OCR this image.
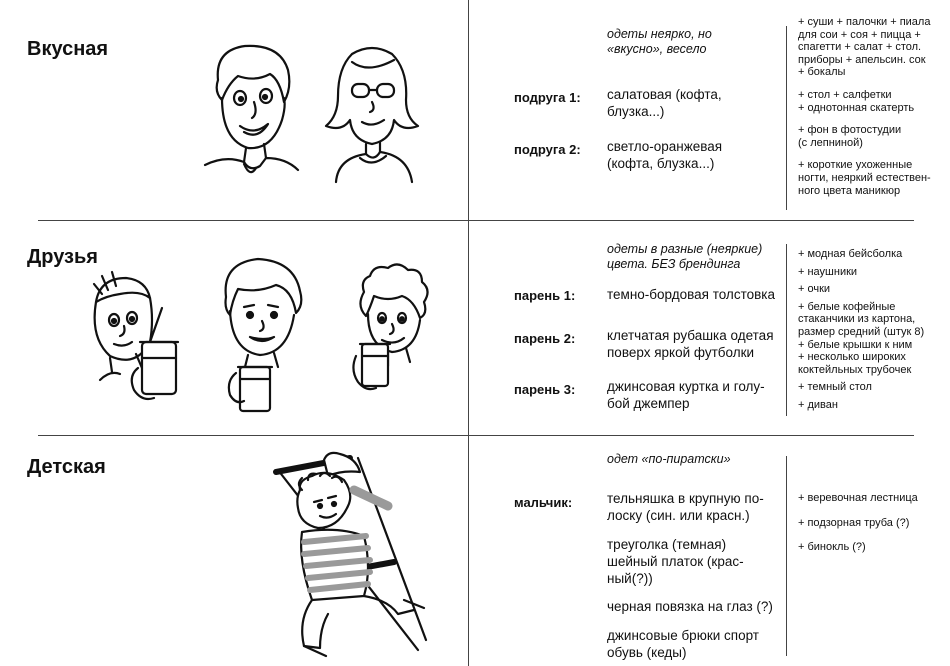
Вкусная
Друзья
Детская
одеты неярко, но «вкусно», весело
подруга 1: салатовая (кофта, блузка...)
подруга 2: светло-оранжевая (кофта, блузка...)
+ суши + палочки + пиала
для сои + соя + пицца +
спагетти + салат + стол.
приборы + апельсин. сок
+ бокалы
+ стол + салфетки
+ однотонная скатерть
+ фон в фотостудии
(с лепниной)
+ короткие ухоженные
ногти, неяркий естествен-
ного цвета маникюр
одеты в разные (неяркие) цвета. БЕЗ брендинга
парень 1: темно-бордовая толстовка
парень 2: клетчатая рубашка одетая поверх яркой футболки
парень 3: джинсовая куртка и голу- бой джемпер
+ модная бейсболка
+ наушники
+ очки
+ белые кофейные
стаканчики из картона,
размер средний (штук 8)
+ белые крышки к ним
+ несколько широких
коктейльных трубочек
+ темный стол
+ диван
одет «по-пиратски»
мальчик:	тельняшка в крупную по- лоску (син. или красн.)
треуголка (темная) шейный платок (крас- ный(?))
черная повязка на глаз (?)
джинсовые брюки спорт обувь (кеды)
+ веревочная лестница
+ подзорная труба (?)
+ бинокль (?)
